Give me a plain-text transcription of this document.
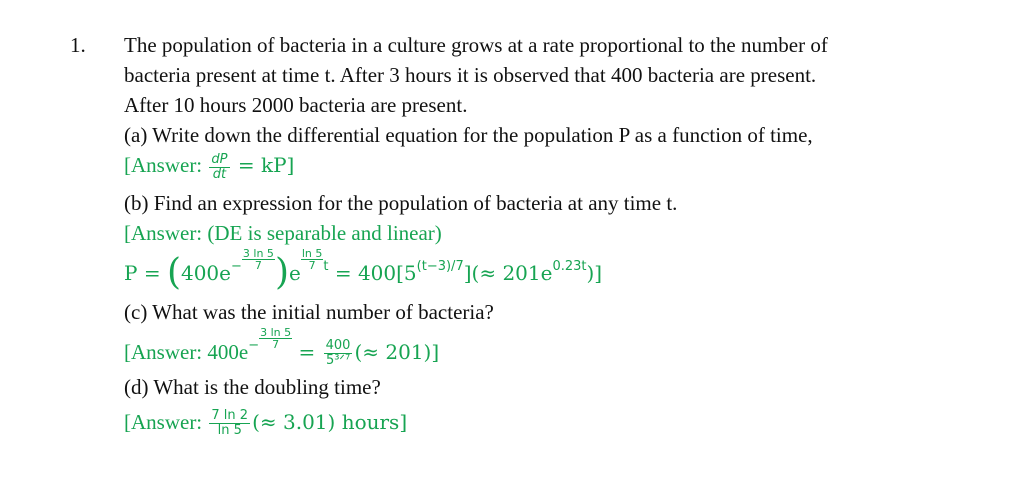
1. The population of bacteria in a culture grows at a rate proportional to the number of
bacteria present at time t. After 3 hours it is observed that 400 bacteria are present.
After 10 hours 2000 bacteria are present.
(a) Write down the differential equation for the population P as a function of time,
[Answer: $\frac{dP}{dt} = kP$]
(b) Find an expression for the population of bacteria at any time t.
[Answer: (DE is separable and linear)
$P = (400e^- \frac{3 \ln 5}{7} )e$
$\frac{\ln 5}{7} ^t = 400[5^{(t-3)/7}](\approx 201e^{0.23t})$]
(c) What was the initial number of bacteria?
[Answer: $400e^- \frac{3 \ln 5}{7}$
= $\frac{400}{\text{5³ᐟ⁷}}$ (≈ 201)]
(d) What is the doubling time?
[Answer: $\frac{7 \ln 2}{\ln 5}$ (≈ 3.01) hours]
